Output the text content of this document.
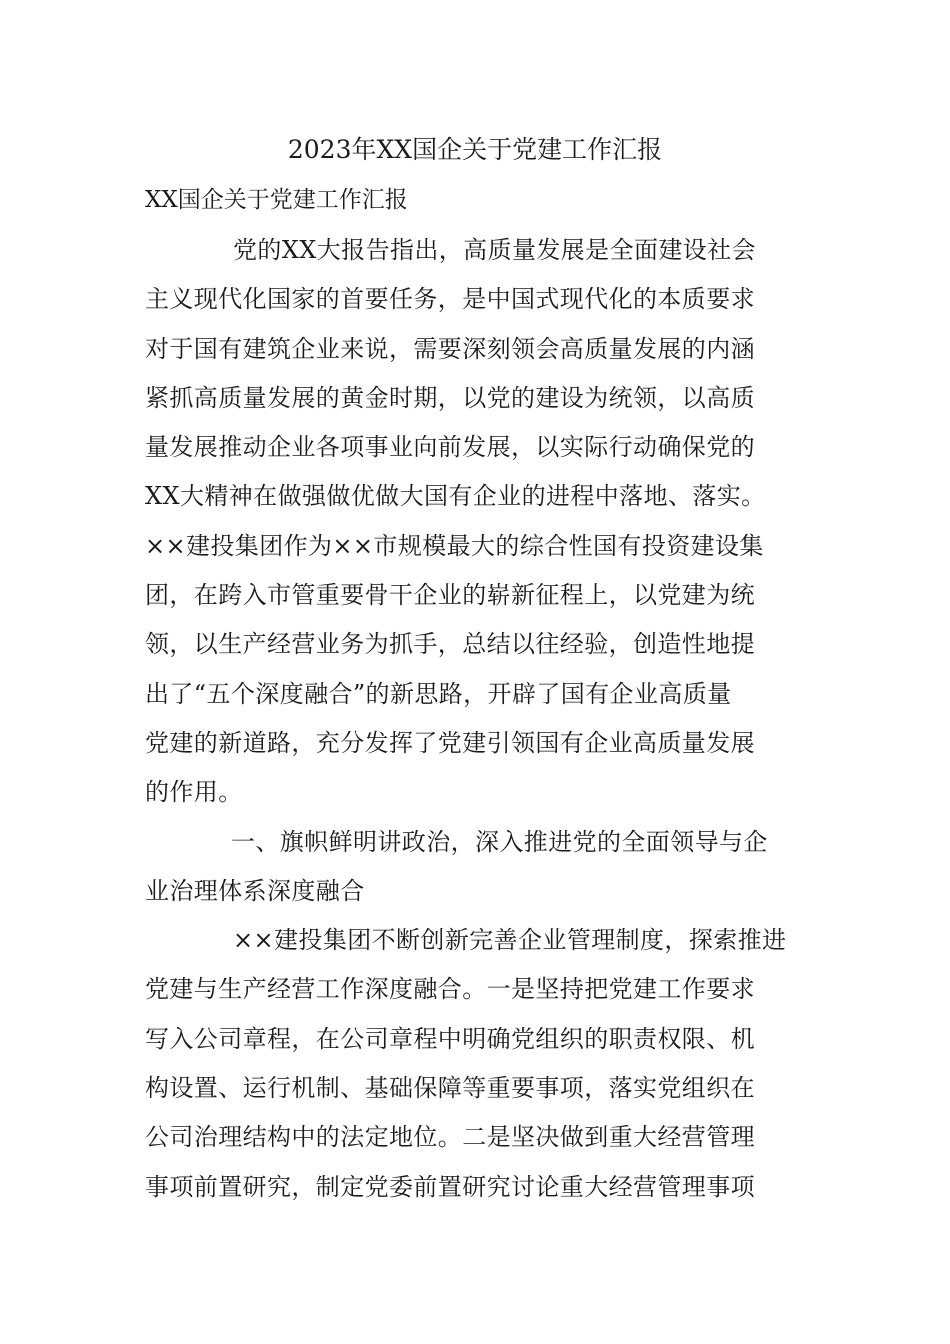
2023年XX国企关于党建工作汇报
XX国企关于党建工作汇报
党的XX大报告指出，高质量发展是全面建设社会
主义现代化国家的首要任务，是中国式现代化的本质要求
对于国有建筑企业来说，需要深刻领会高质量发展的内涵
紧抓高质量发展的黄金时期，以党的建设为统领，以高质
量发展推动企业各项事业向前发展，以实际行动确保党的
XX大精神在做强做优做大国有企业的进程中落地、落实。
××建投集团作为××市规模最大的综合性国有投资建设集
团，在跨入市管重要骨干企业的崭新征程上，以党建为统
领，以生产经营业务为抓手，总结以往经验，创造性地提
出了“五个深度融合”的新思路，开辟了国有企业高质量
党建的新道路，充分发挥了党建引领国有企业高质量发展
的作用。
一、旗帜鲜明讲政治，深入推进党的全面领导与企
业治理体系深度融合
××建投集团不断创新完善企业管理制度，探索推进
党建与生产经营工作深度融合。一是坚持把党建工作要求
写入公司章程，在公司章程中明确党组织的职责权限、机
构设置、运行机制、基础保障等重要事项，落实党组织在
公司治理结构中的法定地位。二是坚决做到重大经营管理
事项前置研究，制定党委前置研究讨论重大经营管理事项
